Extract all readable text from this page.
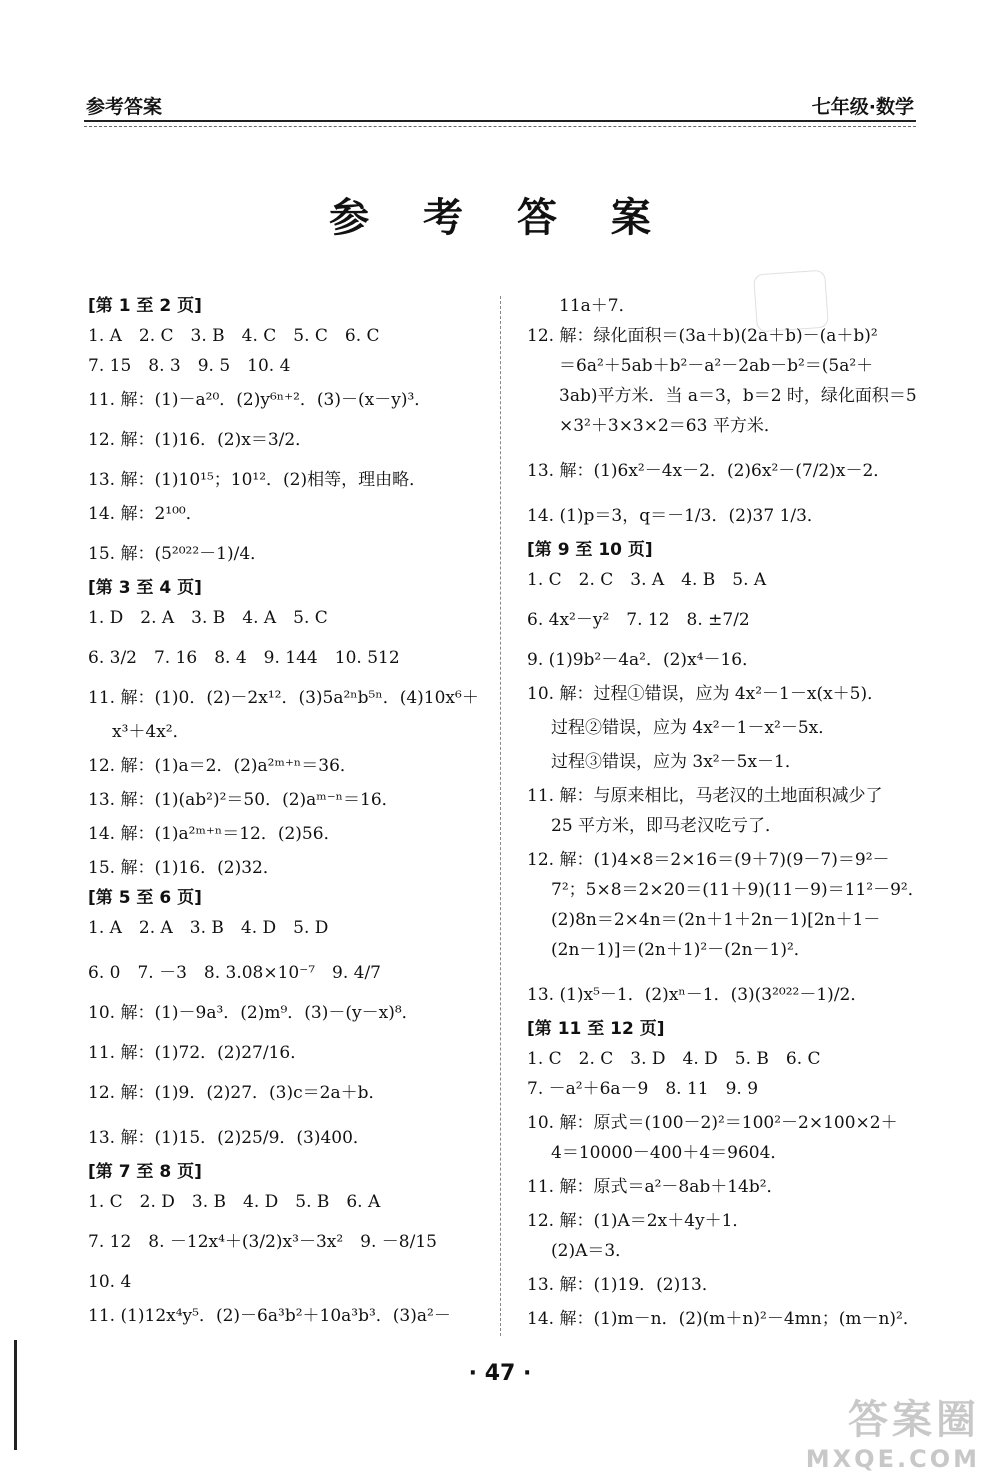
参考答案	七年级·数学
参 考 答 案
[第 1 至 2 页]
1. A　2. C　3. B　4. C　5. C　6. C
7. 15　8. 3　9. 5　10. 4
11. 解：(1)－a²⁰．(2)y⁶ⁿ⁺²．(3)－(x－y)³．
12. 解：(1)16．(2)x＝3/2．
13. 解：(1)10¹⁵；10¹²．(2)相等，理由略．
14. 解：2¹⁰⁰．
15. 解：(5²⁰²²－1)/4．
[第 3 至 4 页]
1. D　2. A　3. B　4. A　5. C
6. 3/2　7. 16　8. 4　9. 144　10. 512
11. 解：(1)0．(2)－2x¹²．(3)5a²ⁿb⁵ⁿ．(4)10x⁶＋
x³＋4x²．
12. 解：(1)a＝2．(2)a²ᵐ⁺ⁿ＝36．
13. 解：(1)(ab²)²＝50．(2)aᵐ⁻ⁿ＝16．
14. 解：(1)a²ᵐ⁺ⁿ＝12．(2)56．
15. 解：(1)16．(2)32．
[第 5 至 6 页]
1. A　2. A　3. B　4. D　5. D
6. 0　7. －3　8. 3.08×10⁻⁷　9. 4/7
10. 解：(1)－9a³．(2)m⁹．(3)－(y－x)⁸．
11. 解：(1)72．(2)27/16．
12. 解：(1)9．(2)27．(3)c＝2a＋b．
13. 解：(1)15．(2)25/9．(3)400．
[第 7 至 8 页]
1. C　2. D　3. B　4. D　5. B　6. A
7. 12　8. －12x⁴＋(3/2)x³－3x²　9. －8/15
10. 4
11. (1)12x⁴y⁵．(2)－6a³b²＋10a³b³．(3)a²－
11a＋7．
12. 解：绿化面积＝(3a＋b)(2a＋b)－(a＋b)²
＝6a²＋5ab＋b²－a²－2ab－b²＝(5a²＋
3ab)平方米．当 a＝3，b＝2 时，绿化面积＝5
×3²＋3×3×2＝63 平方米．
13. 解：(1)6x²－4x－2．(2)6x²－(7/2)x－2．
14. (1)p＝3，q＝－1/3．(2)37 1/3．
[第 9 至 10 页]
1. C　2. C　3. A　4. B　5. A
6. 4x²－y²　7. 12　8. ±7/2
9. (1)9b²－4a²．(2)x⁴－16．
10. 解：过程①错误，应为 4x²－1－x(x＋5)．
过程②错误，应为 4x²－1－x²－5x．
过程③错误，应为 3x²－5x－1．
11. 解：与原来相比，马老汉的土地面积减少了
25 平方米，即马老汉吃亏了．
12. 解：(1)4×8＝2×16＝(9＋7)(9－7)＝9²－
7²；5×8＝2×20＝(11＋9)(11－9)＝11²－9²．
(2)8n＝2×4n＝(2n＋1＋2n－1)[2n＋1－
(2n－1)]＝(2n＋1)²－(2n－1)²．
13. (1)x⁵－1．(2)xⁿ－1．(3)(3²⁰²²－1)/2．
[第 11 至 12 页]
1. C　2. C　3. D　4. D　5. B　6. C
7. －a²＋6a－9　8. 11　9. 9
10. 解：原式＝(100－2)²＝100²－2×100×2＋
4＝10000－400＋4＝9604．
11. 解：原式＝a²－8ab＋14b²．
12. 解：(1)A＝2x＋4y＋1．
(2)A＝3．
13. 解：(1)19．(2)13．
14. 解：(1)m－n．(2)(m＋n)²－4mn；(m－n)²．
· 47 ·
答案圈
MXQE.COM
